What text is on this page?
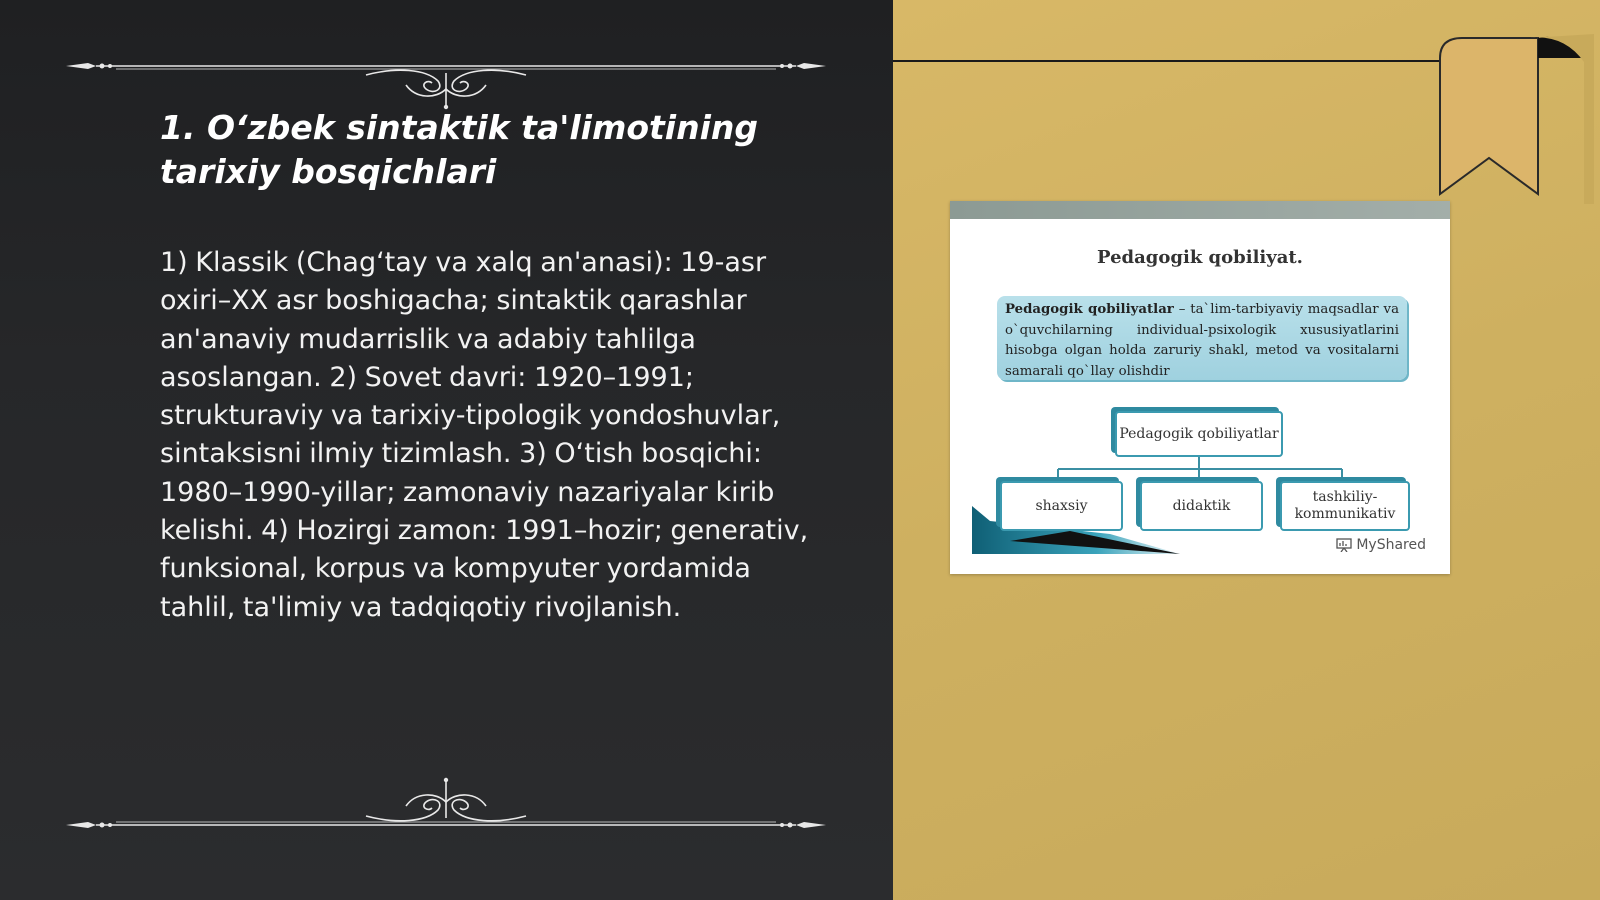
1. O‘zbek sintaktik ta'limotining tarixiy bosqichlari

1) Klassik (Chag‘tay va xalq an'anasi): 19-asr oxiri–XX asr boshigacha; sintaktik qarashlar an'anaviy mudarrislik va adabiy tahlilga asoslangan. 2) Sovet davri: 1920–1991; strukturaviy va tarixiy-tipologik yondoshuvlar, sintaksisni ilmiy tizimlash. 3) O‘tish bosqichi: 1980–1990-yillar; zamonaviy nazariyalar kirib kelishi. 4) Hozirgi zamon: 1991–hozir; generativ, funksional, korpus va kompyuter yordamida tahlil, ta'limiy va tadqiqotiy rivojlanish.

Pedagogik qobiliyat.
Pedagogik qobiliyatlar – ta`lim-tarbiyaviy maqsadlar va o`quvchilarning individual-psixologik xususiyatlarini hisobga olgan holda zaruriy shakl, metod va vositalarni samarali qo`llay olishdir
Pedagogik qobiliyatlar
shaxsiy	didaktik
tashkiliy-kommunikativ
MyShared
